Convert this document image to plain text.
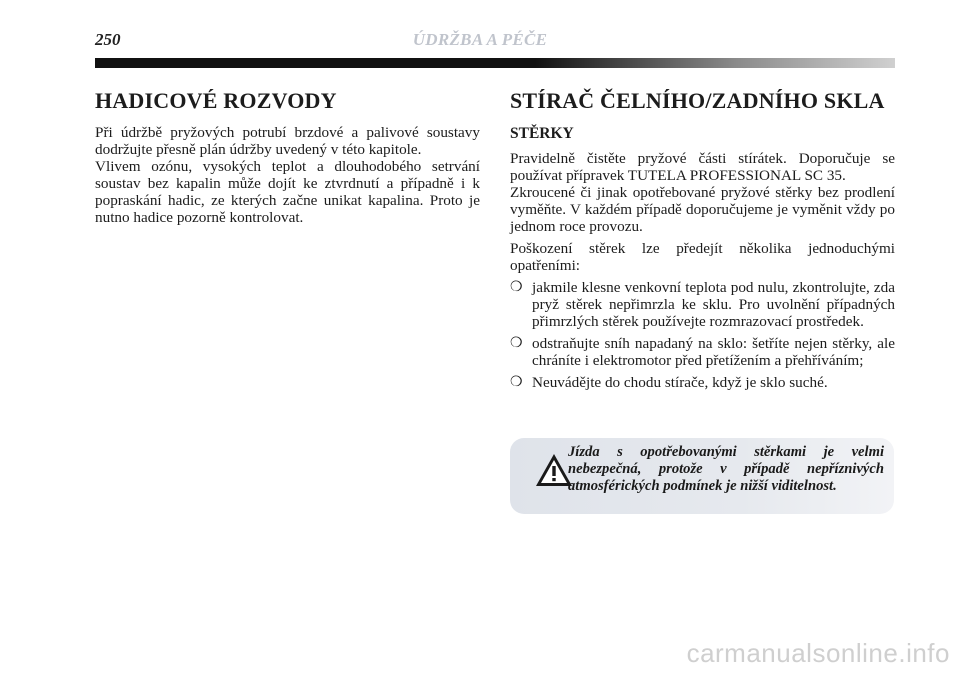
250	ÚDRŽBA A PÉČE
HADICOVÉ ROZVODY

Při údržbě pryžových potrubí brzdové a palivové soustavy dodržujte přesně plán údržby uvedený v této kapitole.

Vlivem ozónu, vysokých teplot a dlouhodobého setrvání soustav bez kapalin může dojít ke ztvrdnutí a případně i k popraskání hadic, ze kterých začne unikat kapalina. Proto je nutno hadice pozorně kontrolovat.

STÍRAČ ČELNÍHO/ZADNÍHO SKLA
STĚRKY

Pravidelně čistěte pryžové části stírátek. Doporučuje se používat přípravek TUTELA PROFESSIONAL SC 35.

Zkroucené či jinak opotřebované pryžové stěrky bez prodlení vyměňte. V každém případě doporučujeme je vyměnit vždy po jednom roce provozu.

Poškození stěrek lze předejít několika jednoduchými opatřeními:

❍ jakmile klesne venkovní teplota pod nulu, zkontrolujte, zda pryž stěrek nepřimrzla ke sklu. Pro uvolnění případných přimrzlých stěrek používejte rozmrazovací prostředek.
❍ odstraňujte sníh napadaný na sklo: šetříte nejen stěrky, ale chráníte i elektromotor před přetížením a přehříváním;
❍ Neuvádějte do chodu stírače, když je sklo suché.
Jízda s opotřebovanými stěrkami je velmi nebezpečná, protože v případě nepříznivých atmosférických podmínek je nižší viditelnost.
carmanualsonline.info
